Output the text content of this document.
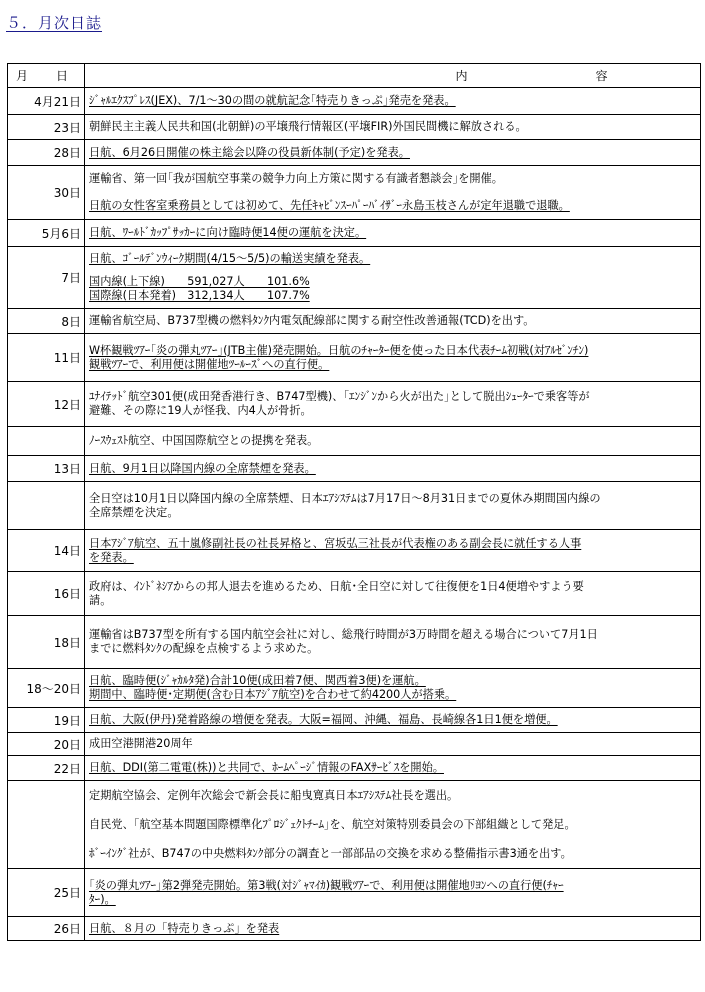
５．月次日誌
月　日	内 容
4月21日	ｼﾞｬﾙｴｸｽﾌﾟﾚｽ(JEX)、7/1～30の間の就航記念｢特売りきっぷ｣発売を発表。

23日	朝鮮民主主義人民共和国(北朝鮮)の平壌飛行情報区(平壌FIR)外国民間機に解放される。

28日	日航、6月26日開催の株主総会以降の役員新体制(予定)を発表。

30日	運輸省、第一回｢我が国航空事業の競争力向上方策に関する有識者懇談会｣を開催。
日航の女性客室乗務員としては初めて、先任ｷｬﾋﾞﾝｽｰﾊﾟｰﾊﾞｲｻﾞｰ永島玉枝さんが定年退職で退職。

5月6日	日航、ﾜｰﾙﾄﾞｶｯﾌﾟｻｯｶｰに向け臨時便14便の運航を決定。

7日	日航、ｺﾞｰﾙﾃﾞﾝｳｨｰｸ期間(4/15～5/5)の輸送実績を発表。
国内線(上下線)　　591,027人　　101.6%
国際線(日本発着)　312,134人　　107.7%

8日	運輸省航空局、B737型機の燃料ﾀﾝｸ内電気配線部に関する耐空性改善通報(TCD)を出す。

11日	W杯観戦ﾂｱｰ｢炎の弾丸ﾂｱｰ｣(JTB主催)発売開始。日航のﾁｬｰﾀｰ便を使った日本代表ﾁｰﾑ初戦(対ｱﾙｾﾞﾝﾁﾝ)
観戦ﾂｱｰで、利用便は開催地ﾂｰﾙｰｽﾞへの直行便。

12日	ﾕﾅｲﾃｯﾄﾞ航空301便(成田発香港行き、B747型機)、｢ｴﾝｼﾞﾝから火が出た｣として脱出ｼｭｰﾀｰで乗客等が
避難、その際に19人が怪我、内4人が骨折。

	ﾉｰｽｳｪｽﾄ航空、中国国際航空との提携を発表。

13日	日航、9月1日以降国内線の全席禁煙を発表。

	全日空は10月1日以降国内線の全席禁煙、日本ｴｱｼｽﾃﾑは7月17日～8月31日までの夏休み期間国内線の
全席禁煙を決定。

14日	日本ｱｼﾞｱ航空、五十嵐修副社長の社長昇格と、宮坂弘三社長が代表権のある副会長に就任する人事
を発表。

16日	政府は、ｲﾝﾄﾞﾈｼｱからの邦人退去を進めるため、日航･全日空に対して往復便を1日4便増やすよう要
請。

18日	運輸省はB737型を所有する国内航空会社に対し、総飛行時間が3万時間を超える場合について7月1日
までに燃料ﾀﾝｸの配線を点検するよう求めた。

18～20日	日航、臨時便(ｼﾞｬｶﾙﾀ発)合計10便(成田着7便、関西着3便)を運航。
期間中、臨時便･定期便(含む日本ｱｼﾞｱ航空)を合わせて約4200人が搭乗。

19日	日航、大阪(伊丹)発着路線の増便を発表。大阪=福岡、沖縄、福島、長崎線各1日1便を増便。

20日	成田空港開港20周年

22日	日航、DDI(第二電電(株))と共同で、ﾎｰﾑﾍﾟｰｼﾞ情報のFAXｻｰﾋﾞｽを開始。

	定期航空協会、定例年次総会で新会長に船曳寛真日本ｴｱｼｽﾃﾑ社長を選出。
自民党、｢航空基本問題国際標準化ﾌﾟﾛｼﾞｪｸﾄﾁｰﾑ｣を、航空対策特別委員会の下部組織として発足。
ﾎﾞｰｲﾝｸﾞ社が、B747の中央燃料ﾀﾝｸ部分の調査と一部部品の交換を求める整備指示書3通を出す。

25日	｢炎の弾丸ﾂｱｰ｣第2弾発売開始。第3戦(対ｼﾞｬﾏｲｶ)観戦ﾂｱｰで、利用便は開催地ﾘﾖﾝへの直行便(ﾁｬｰ
ﾀｰ)。

26日	日航、８月の「特売りきっぷ」を発表
